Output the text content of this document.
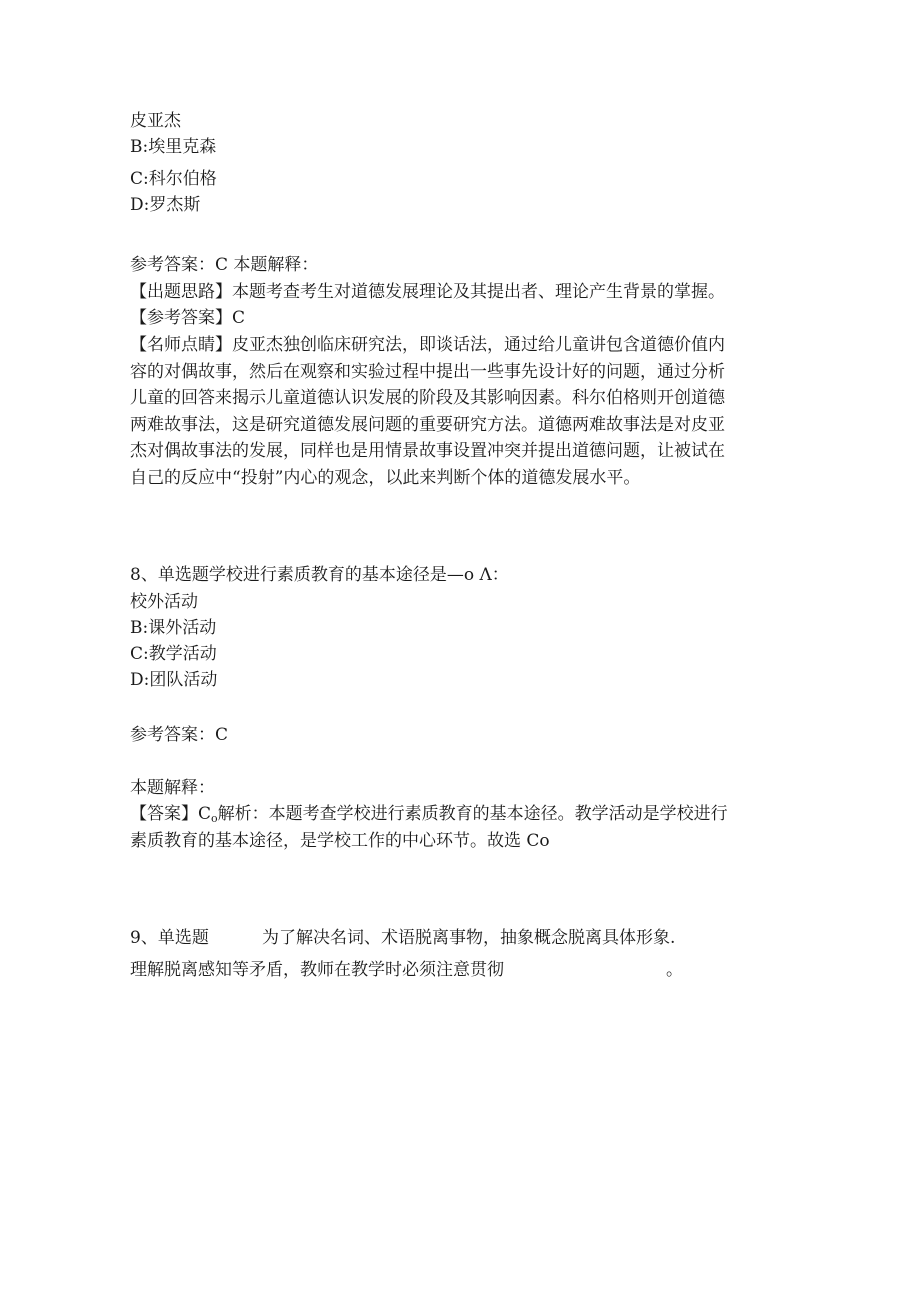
皮亚杰
B:埃里克森
C:科尔伯格
D:罗杰斯
参考答案：C 本题解释：
【出题思路】本题考查考生对道德发展理论及其提出者、理论产生背景的掌握。
【参考答案】C
【名师点睛】皮亚杰独创临床研究法，即谈话法，通过给儿童讲包含道德价值内
容的对偶故事，然后在观察和实验过程中提出一些事先设计好的问题，通过分析
儿童的回答来揭示儿童道德认识发展的阶段及其影响因素。科尔伯格则开创道德
两难故事法，这是研究道德发展问题的重要研究方法。道德两难故事法是对皮亚
杰对偶故事法的发展，同样也是用情景故事设置冲突并提出道德问题，让被试在
自己的反应中“投射”内心的观念，以此来判断个体的道德发展水平。
8、单选题学校进行素质教育的基本途径是—o Λ：
校外活动
B:课外活动
C:教学活动
D:团队活动
参考答案：C
本题解释：
【答案】$C_o$解析：本题考查学校进行素质教育的基本途径。教学活动是学校进行
素质教育的基本途径，是学校工作的中心环节。故选 Co
9、单选题	为了解决名词、术语脱离事物，抽象概念脱离具体形象.
理解脱离感知等矛盾，教师在教学时必须注意贯彻	。
